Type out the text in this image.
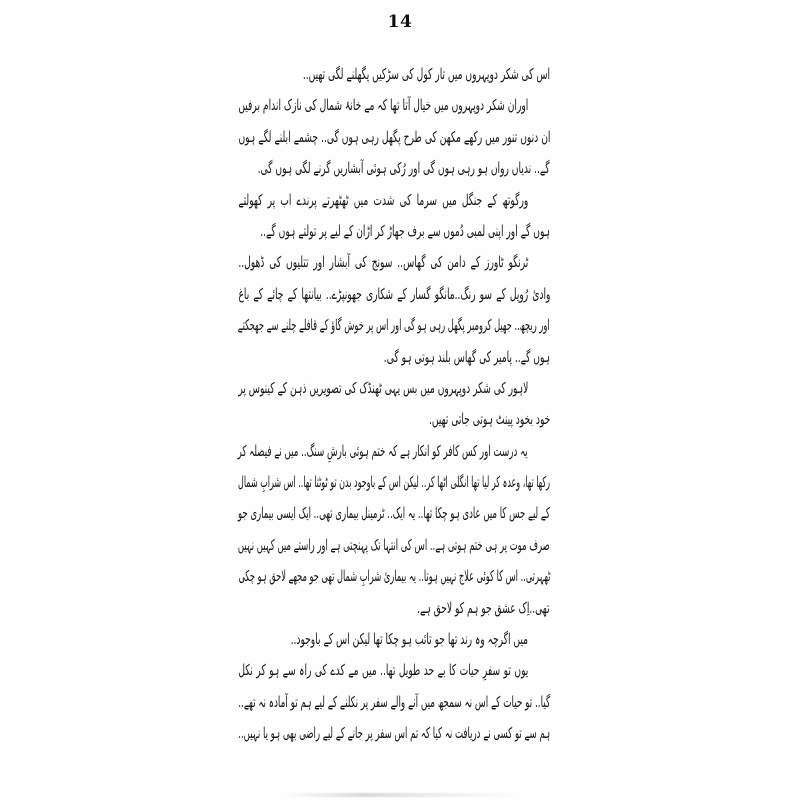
14
اس کی شکر دوپہروں میں تار کول کی سڑکیں پگھلنے لگی تھیں..
اوران شکر دوپہروں میں خیال آتا تھا کہ مے خانۂ شمال کی نازک اندام برفیں
ان دنوں تنور میں رکھے مکھن کی طرح پگھل رہی ہوں گی.. چشمے ابلنے لگے ہوں
گے.. ندیاں رواں ہو رہی ہوں گی اور رُکی ہوئی آبشاریں گرنے لگی ہوں گی.
ورگوتھ کے جنگل میں سرما کی شدت میں ٹھٹھرتے پرندے اب پر کھولتے
ہوں گے اور اپنی لمبی دُموں سے برف جھاڑ کر اڑان کے لیے پر تولتے ہوں گے..
ٹرنگو ٹاورز کے دامن کی گھاس.. سونج کی آبشار اور تتلیوں کی ڈھول..
وادیٔ رُوپل کے سو رنگ..مانگو گسار کے شکاری جھونپڑے.. بیانتھا کے چائے کے باغ
اور ریچھ.. جھیل کرومبر پگھل رہی ہو گی اور اس پر خوش گاؤ کے قافلے چلنے سے جھجکتے
ہوں گے.. پامیر کی گھاس بلند ہوتی ہو گی.
لاہور کی شکر دوپہروں میں بس یہی ٹھنڈک کی تصویریں ذہن کے کینوس پر
خود بخود پینٹ ہوتی جاتی تھیں.
یہ درست اور کس کافر کو انکار ہے کہ ختم ہوئی بارشِ سنگ.. میں نے فیصلہ کر
رکھا تھا، وعدہ کر لیا تھا انگلی اٹھا کر.. لیکن اس کے باوجود بدن تو ٹوٹتا تھا.. اس شرابِ شمال
کے لیے جس کا میں عادی ہو چکا تھا.. یہ ایک.. ٹرمینل بیماری تھی.. ایک ایسی بیماری جو
صرف موت پر ہی ختم ہوتی ہے.. اس کی انتہا تک پہنچتی ہے اور راستے میں کہیں نہیں
ٹھہرتی.. اس کا کوئی علاج نہیں ہوتا.. یہ بیماریٔ شرابِ شمال تھی جو مجھے لاحق ہو چکی
تھی..اِک عشق جو ہم کو لاحق ہے.
میں اگرچہ وہ رند تھا جو تائب ہو چکا تھا لیکن اس کے باوجود..
یوں تو سفرِ حیات کا بے حد طویل تھا.. میں مے کدے کی راہ سے ہو کر نکل
گیا.. تو حیات کے اس نہ سمجھ میں آنے والے سفر پر نکلنے کے لیے ہم تو آمادہ نہ تھے..
ہم سے تو کسی نے دریافت نہ کیا کہ تم اس سفر پر جانے کے لیے راضی بھی ہو یا نہیں..
